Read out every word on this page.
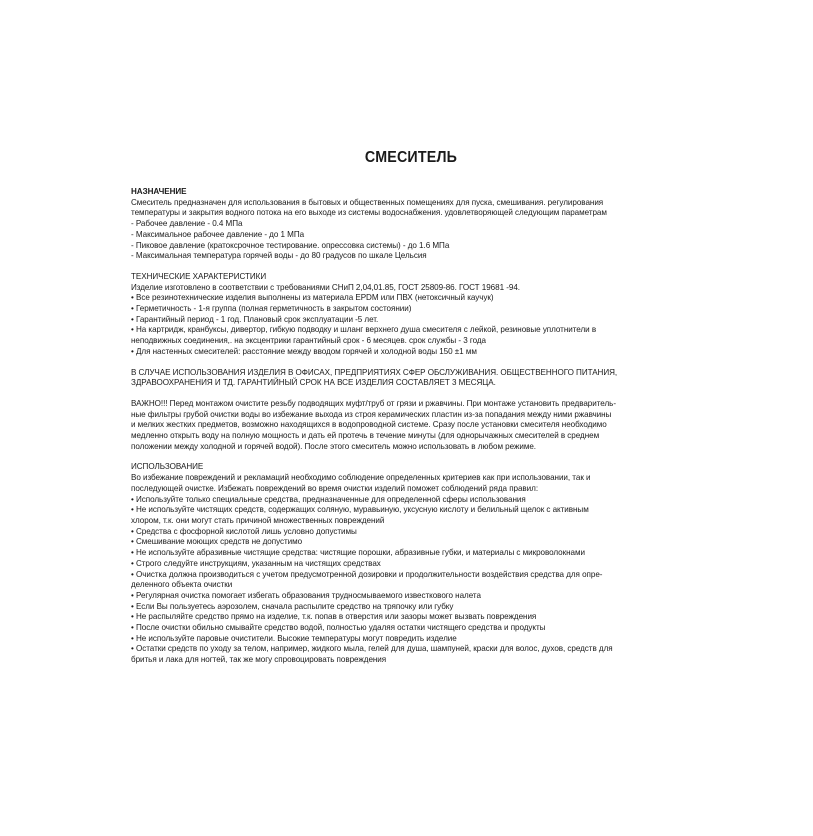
СМЕСИТЕЛЬ
НАЗНАЧЕНИЕ
Смеситель предназначен для использования в бытовых и общественных помещениях для пуска, смешивания. регулирования
температуры и закрытия водного потока на его выходе из системы водоснабжения. удовлетворяющей следующим параметрам
- Рабочее давление - 0.4 МПа
- Максимальное рабочее давление - до 1 МПа
- Пиковое давление (кратоксрочное тестирование. опрессовка системы) - до 1.6 МПа
- Максимальная температура горячей воды - до 80 градусов по шкале Цельсия
ТЕХНИЧЕСКИЕ ХАРАКТЕРИСТИКИ
Изделие изготовлено в соответствии с требованиями СНиП 2,04,01.85, ГОСТ 25809-86. ГОСТ 19681 -94.
• Все резинотехнические изделия выполнены из материала EPDM или ПВХ (нетоксичный каучук)
• Герметичность - 1-я группа (полная герметичность в закрытом состоянии)
• Гарантийный период - 1 год. Плановый срок эксплуатации -5 лет.
• На картридж, кранбуксы, дивертор, гибкую подводку и шланг верхнего душа смесителя с лейкой, резиновые уплотнители в
неподвижных соединения,. на эксцентрики гарантийный срок - 6 месяцев. срок службы - 3 года
• Для настенных смесителей: расстояние между вводом горячей и холодной воды 150 ±1 мм
В СЛУЧАЕ ИСПОЛЬЗОВАНИЯ ИЗДЕЛИЯ В ОФИСАХ, ПРЕДПРИЯТИЯХ СФЕР ОБСЛУЖИВАНИЯ. ОБЩЕСТВЕННОГО ПИТАНИЯ,
ЗДРАВООХРАНЕНИЯ И ТД. ГАРАНТИЙНЫЙ СРОК НА ВСЕ ИЗДЕЛИЯ СОСТАВЛЯЕТ 3 МЕСЯЦА.
ВАЖНО!!! Перед монтажом очистите резьбу подводящих муфт/труб от грязи и ржавчины. При монтаже установить предваритель-
ные фильтры грубой очистки воды во избежание выхода из строя керамических пластин из-за попадания между ними ржавчины
и мелких жестких предметов, возможно находящихся в водопроводной системе. Сразу после установки смесителя необходимо
медленно открыть воду на полную мощность и дать ей протечь в течение минуты (для однорычажных смесителей в среднем
положении между холодной и горячей водой). После этого смеситель можно использовать в любом режиме.
ИСПОЛЬЗОВАНИЕ
Во избежание повреждений и рекламаций необходимо соблюдение определенных критериев как при использовании, так и
последующей очистке. Избежать повреждений во время очистки изделий поможет соблюдений ряда правил:
• Используйте только специальные средства, предназначенные для определенной сферы использования
• Не используйте чистящих средств, содержащих соляную, муравьиную, уксусную кислоту и белильный щелок с активным
хлором, т.к. они могут стать причиной множественных повреждений
• Средства с фосфорной кислотой лишь условно допустимы
• Смешивание моющих средств не допустимо
• Не используйте абразивные чистящие средства: чистящие порошки, абразивные губки, и материалы с микроволокнами
• Строго следуйте инструкциям, указанным на чистящих средствах
• Очистка должна производиться с учетом предусмотренной дозировки и продолжительности воздействия средства для опре-
деленного объекта очистки
• Регулярная очистка помогает избегать образования трудносмываемого известкового налета
• Если Вы пользуетесь аэрозолем, сначала распылите средство на тряпочку или губку
• Не распыляйте средство прямо на изделие, т.к. попав в отверстия или зазоры может вызвать повреждения
• После очистки обильно смывайте средство водой, полностью удаляя остатки чистящего средства и продукты
• Не используйте паровые очистители. Высокие температуры могут повредить изделие
• Остатки средств по уходу за телом, например, жидкого мыла, гелей для душа, шампуней, краски для волос, духов, средств для
бритья и лака для ногтей, так же могу спровоцировать повреждения
